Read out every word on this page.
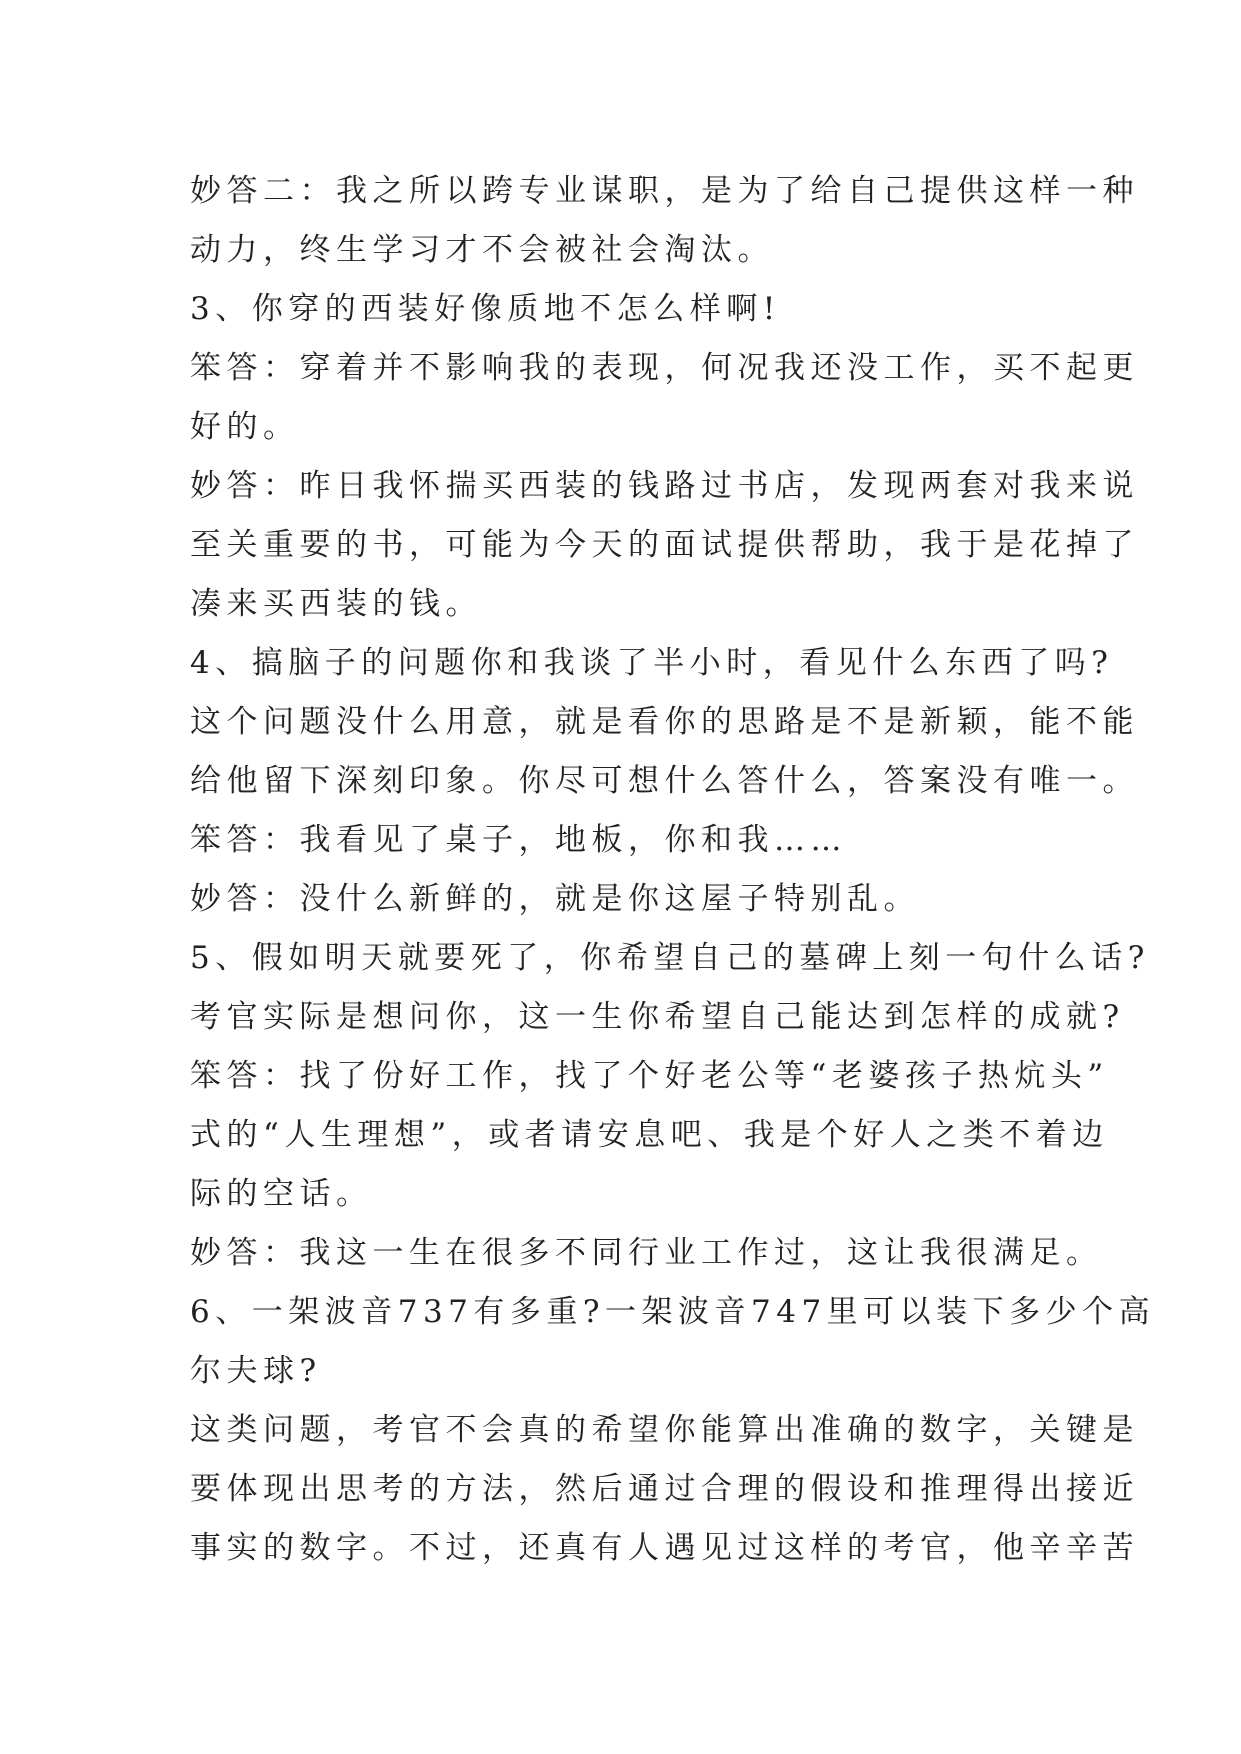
妙答二：我之所以跨专业谋职，是为了给自己提供这样一种
动力，终生学习才不会被社会淘汰。
3、你穿的西装好像质地不怎么样啊!
笨答：穿着并不影响我的表现，何况我还没工作，买不起更
好的。
妙答：昨日我怀揣买西装的钱路过书店，发现两套对我来说
至关重要的书，可能为今天的面试提供帮助，我于是花掉了
凑来买西装的钱。
4、搞脑子的问题你和我谈了半小时，看见什么东西了吗?
这个问题没什么用意，就是看你的思路是不是新颖，能不能
给他留下深刻印象。你尽可想什么答什么，答案没有唯一。
笨答：我看见了桌子，地板，你和我……
妙答：没什么新鲜的，就是你这屋子特别乱。
5、假如明天就要死了，你希望自己的墓碑上刻一句什么话?
考官实际是想问你，这一生你希望自己能达到怎样的成就?
笨答：找了份好工作，找了个好老公等“老婆孩子热炕头”
式的“人生理想”，或者请安息吧、我是个好人之类不着边
际的空话。
妙答：我这一生在很多不同行业工作过，这让我很满足。
6、一架波音737有多重?一架波音747里可以装下多少个高
尔夫球?
这类问题，考官不会真的希望你能算出准确的数字，关键是
要体现出思考的方法，然后通过合理的假设和推理得出接近
事实的数字。不过，还真有人遇见过这样的考官，他辛辛苦
